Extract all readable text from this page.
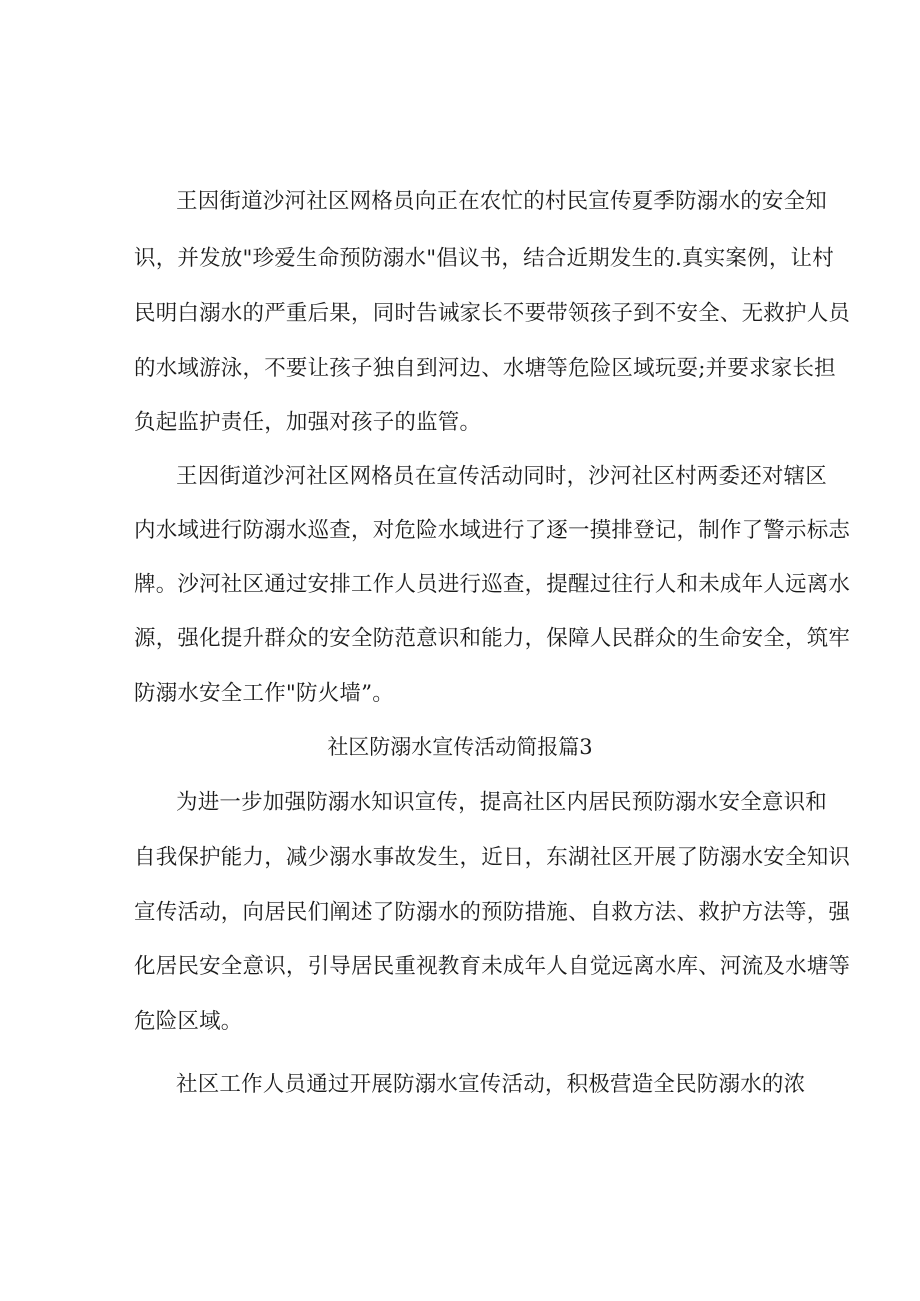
王因街道沙河社区网格员向正在农忙的村民宣传夏季防溺水的安全知
识，并发放"珍爱生命预防溺水"倡议书，结合近期发生的.真实案例，让村
民明白溺水的严重后果，同时告诫家长不要带领孩子到不安全、无救护人员
的水域游泳，不要让孩子独自到河边、水塘等危险区域玩耍;并要求家长担
负起监护责任，加强对孩子的监管。
王因街道沙河社区网格员在宣传活动同时，沙河社区村两委还对辖区
内水域进行防溺水巡查，对危险水域进行了逐一摸排登记，制作了警示标志
牌。沙河社区通过安排工作人员进行巡查，提醒过往行人和未成年人远离水
源，强化提升群众的安全防范意识和能力，保障人民群众的生命安全，筑牢
防溺水安全工作"防火墙”。
社区防溺水宣传活动简报篇3
为进一步加强防溺水知识宣传，提高社区内居民预防溺水安全意识和
自我保护能力，减少溺水事故发生，近日，东湖社区开展了防溺水安全知识
宣传活动，向居民们阐述了防溺水的预防措施、自救方法、救护方法等，强
化居民安全意识，引导居民重视教育未成年人自觉远离水库、河流及水塘等
危险区域。
社区工作人员通过开展防溺水宣传活动，积极营造全民防溺水的浓
